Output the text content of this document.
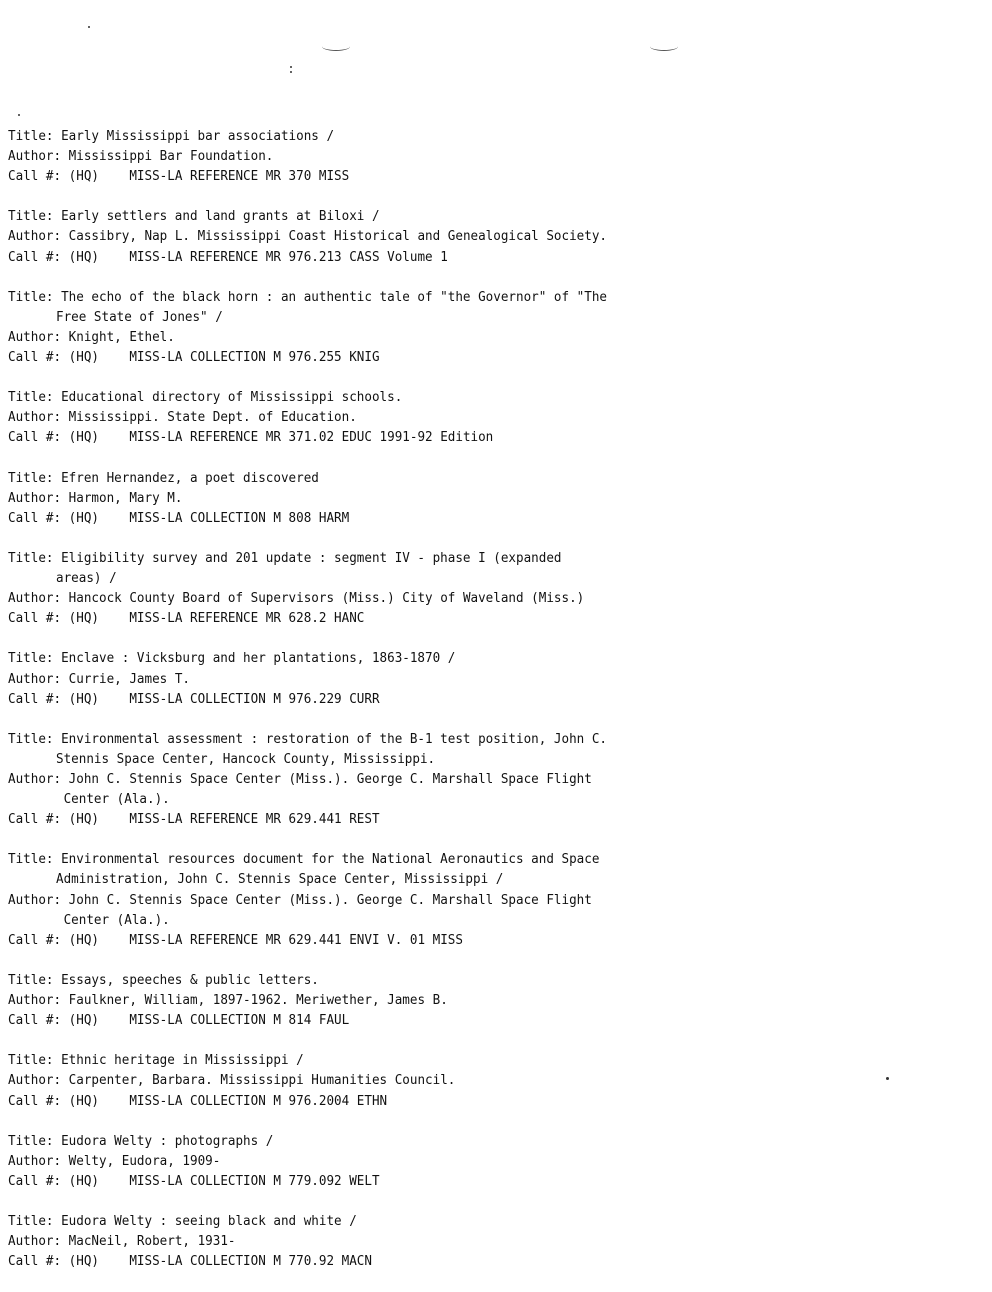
Title: Early Mississippi bar associations /
Author: Mississippi Bar Foundation.
Call #: (HQ)    MISS-LA REFERENCE MR 370 MISS
Title: Early settlers and land grants at Biloxi /
Author: Cassibry, Nap L. Mississippi Coast Historical and Genealogical Society.
Call #: (HQ)    MISS-LA REFERENCE MR 976.213 CASS Volume 1
Title: The echo of the black horn : an authentic tale of "the Governor" of "The
Free State of Jones" /
Author: Knight, Ethel.
Call #: (HQ)    MISS-LA COLLECTION M 976.255 KNIG
Title: Educational directory of Mississippi schools.
Author: Mississippi. State Dept. of Education.
Call #: (HQ)    MISS-LA REFERENCE MR 371.02 EDUC 1991-92 Edition
Title: Efren Hernandez, a poet discovered
Author: Harmon, Mary M.
Call #: (HQ)    MISS-LA COLLECTION M 808 HARM
Title: Eligibility survey and 201 update : segment IV - phase I (expanded
areas) /
Author: Hancock County Board of Supervisors (Miss.) City of Waveland (Miss.)
Call #: (HQ)    MISS-LA REFERENCE MR 628.2 HANC
Title: Enclave : Vicksburg and her plantations, 1863-1870 /
Author: Currie, James T.
Call #: (HQ)    MISS-LA COLLECTION M 976.229 CURR
Title: Environmental assessment : restoration of the B-1 test position, John C.
Stennis Space Center, Hancock County, Mississippi.
Author: John C. Stennis Space Center (Miss.). George C. Marshall Space Flight
Center (Ala.).
Call #: (HQ)    MISS-LA REFERENCE MR 629.441 REST
Title: Environmental resources document for the National Aeronautics and Space
Administration, John C. Stennis Space Center, Mississippi /
Author: John C. Stennis Space Center (Miss.). George C. Marshall Space Flight
Center (Ala.).
Call #: (HQ)    MISS-LA REFERENCE MR 629.441 ENVI V. 01 MISS
Title: Essays, speeches & public letters.
Author: Faulkner, William, 1897-1962. Meriwether, James B.
Call #: (HQ)    MISS-LA COLLECTION M 814 FAUL
Title: Ethnic heritage in Mississippi /
Author: Carpenter, Barbara. Mississippi Humanities Council.
Call #: (HQ)    MISS-LA COLLECTION M 976.2004 ETHN
Title: Eudora Welty : photographs /
Author: Welty, Eudora, 1909-
Call #: (HQ)    MISS-LA COLLECTION M 779.092 WELT
Title: Eudora Welty : seeing black and white /
Author: MacNeil, Robert, 1931-
Call #: (HQ)    MISS-LA COLLECTION M 770.92 MACN
